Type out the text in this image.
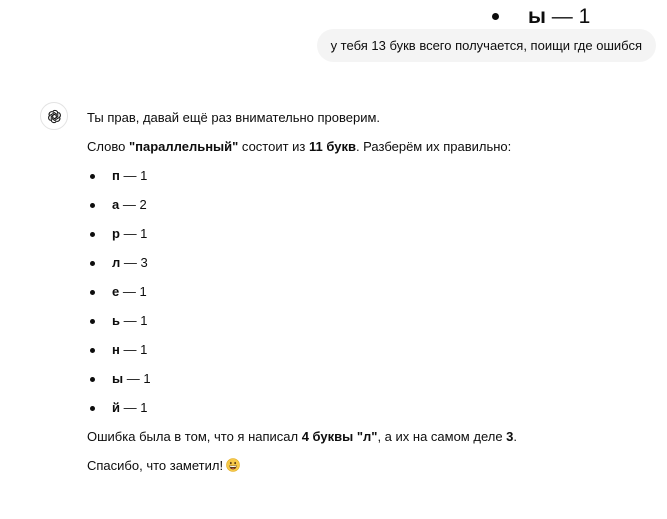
ы — 1
у тебя 13 букв всего получается, поищи где ошибся

Ты прав, давай ещё раз внимательно проверим.

Слово "параллельный" состоит из 11 букв. Разберём их правильно:

п — 1
а — 2
р — 1
л — 3
е — 1
ь — 1
н — 1
ы — 1
й — 1

Ошибка была в том, что я написал 4 буквы "л", а их на самом деле 3.

Спасибо, что заметил!
